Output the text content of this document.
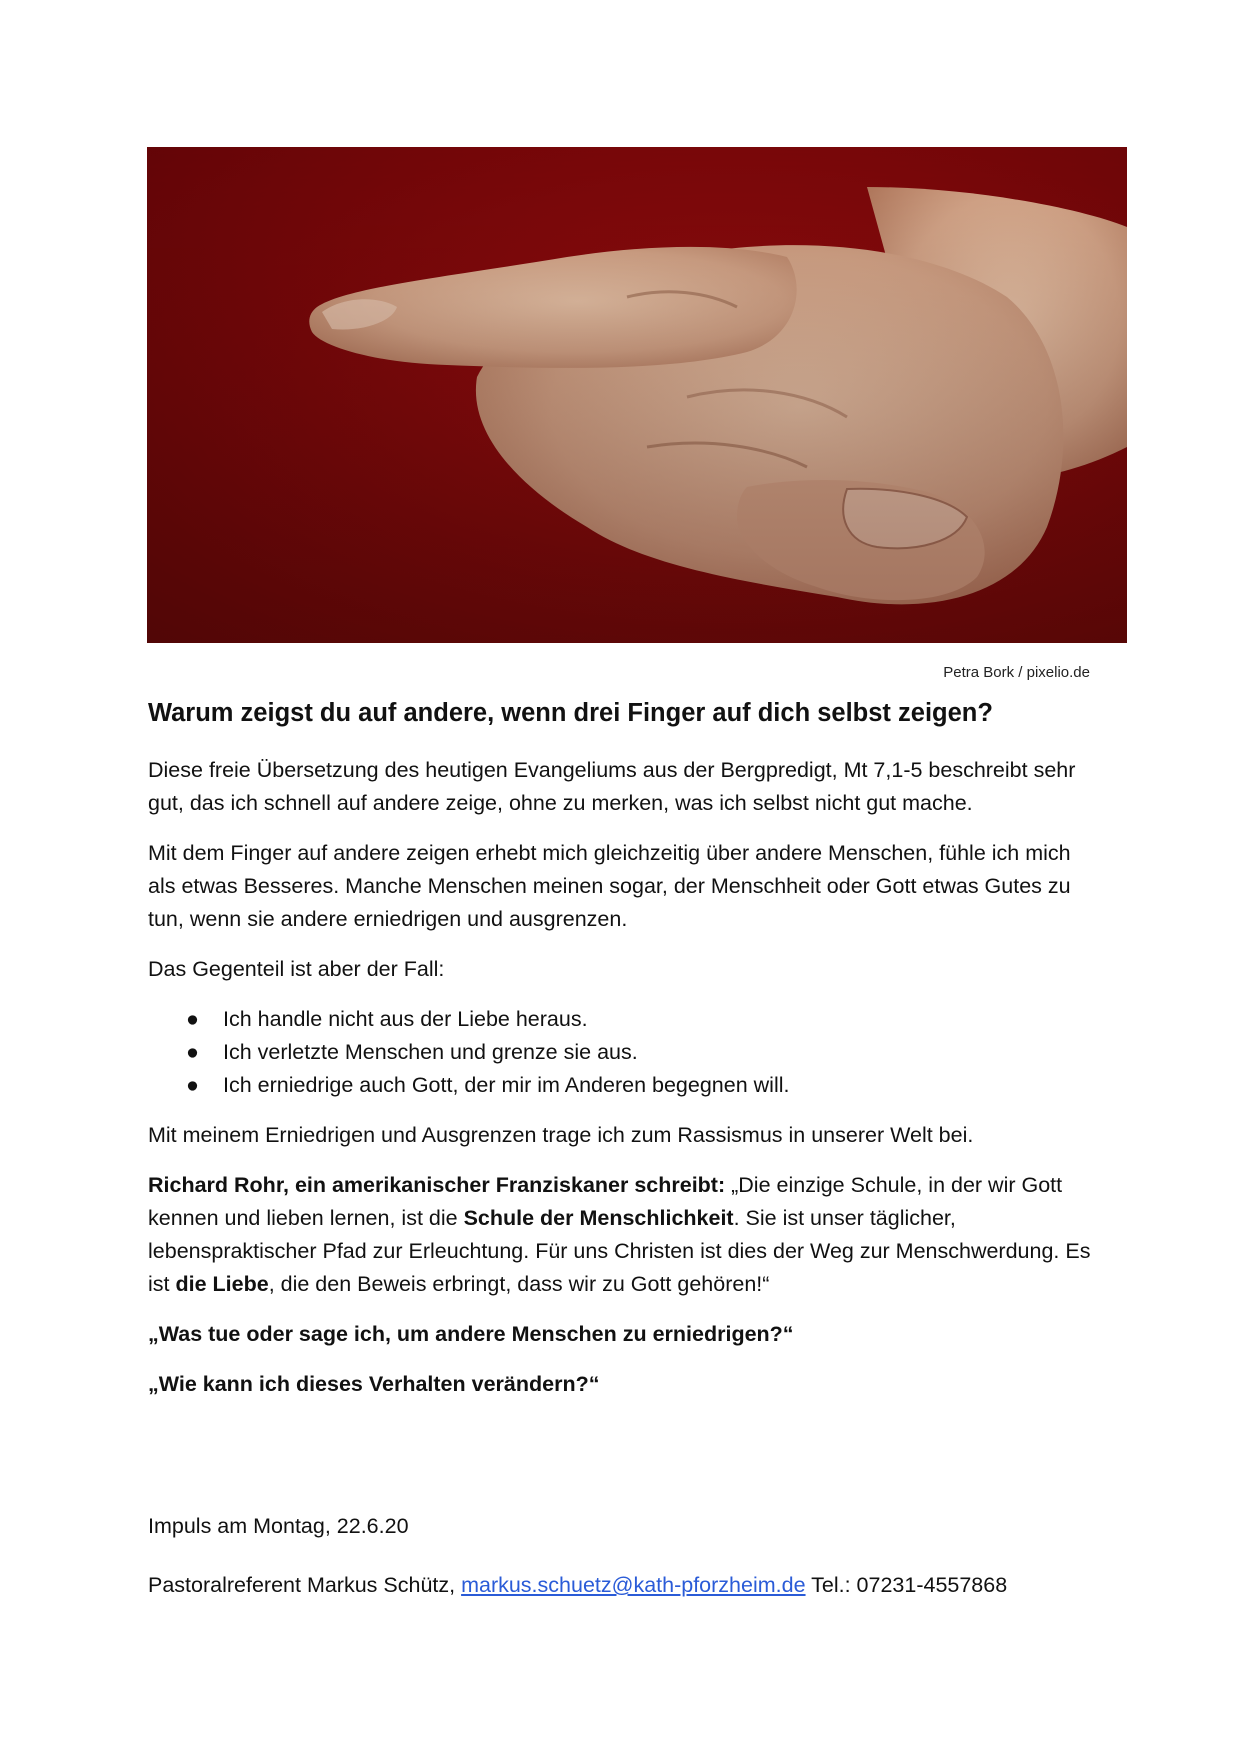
Petra Bork / pixelio.de
Warum zeigst du auf andere, wenn drei Finger auf dich selbst zeigen?

Diese freie Übersetzung des heutigen Evangeliums aus der Bergpredigt, Mt 7,1-5 beschreibt sehr gut, das ich schnell auf andere zeige, ohne zu merken, was ich selbst nicht gut mache.

Mit dem Finger auf andere zeigen erhebt mich gleichzeitig über andere Menschen, fühle ich mich als etwas Besseres. Manche Menschen meinen sogar, der Menschheit oder Gott etwas Gutes zu tun, wenn sie andere erniedrigen und ausgrenzen.

Das Gegenteil ist aber der Fall:

● Ich handle nicht aus der Liebe heraus.
● Ich verletzte Menschen und grenze sie aus.
● Ich erniedrige auch Gott, der mir im Anderen begegnen will.

Mit meinem Erniedrigen und Ausgrenzen trage ich zum Rassismus in unserer Welt bei.

Richard Rohr, ein amerikanischer Franziskaner schreibt: „Die einzige Schule, in der wir Gott kennen und lieben lernen, ist die Schule der Menschlichkeit. Sie ist unser täglicher, lebenspraktischer Pfad zur Erleuchtung. Für uns Christen ist dies der Weg zur Menschwerdung. Es ist die Liebe, die den Beweis erbringt, dass wir zu Gott gehören!“

„Was tue oder sage ich, um andere Menschen zu erniedrigen?“

„Wie kann ich dieses Verhalten verändern?“

Impuls am Montag, 22.6.20

Pastoralreferent Markus Schütz, markus.schuetz@kath-pforzheim.de Tel.: 07231-4557868
